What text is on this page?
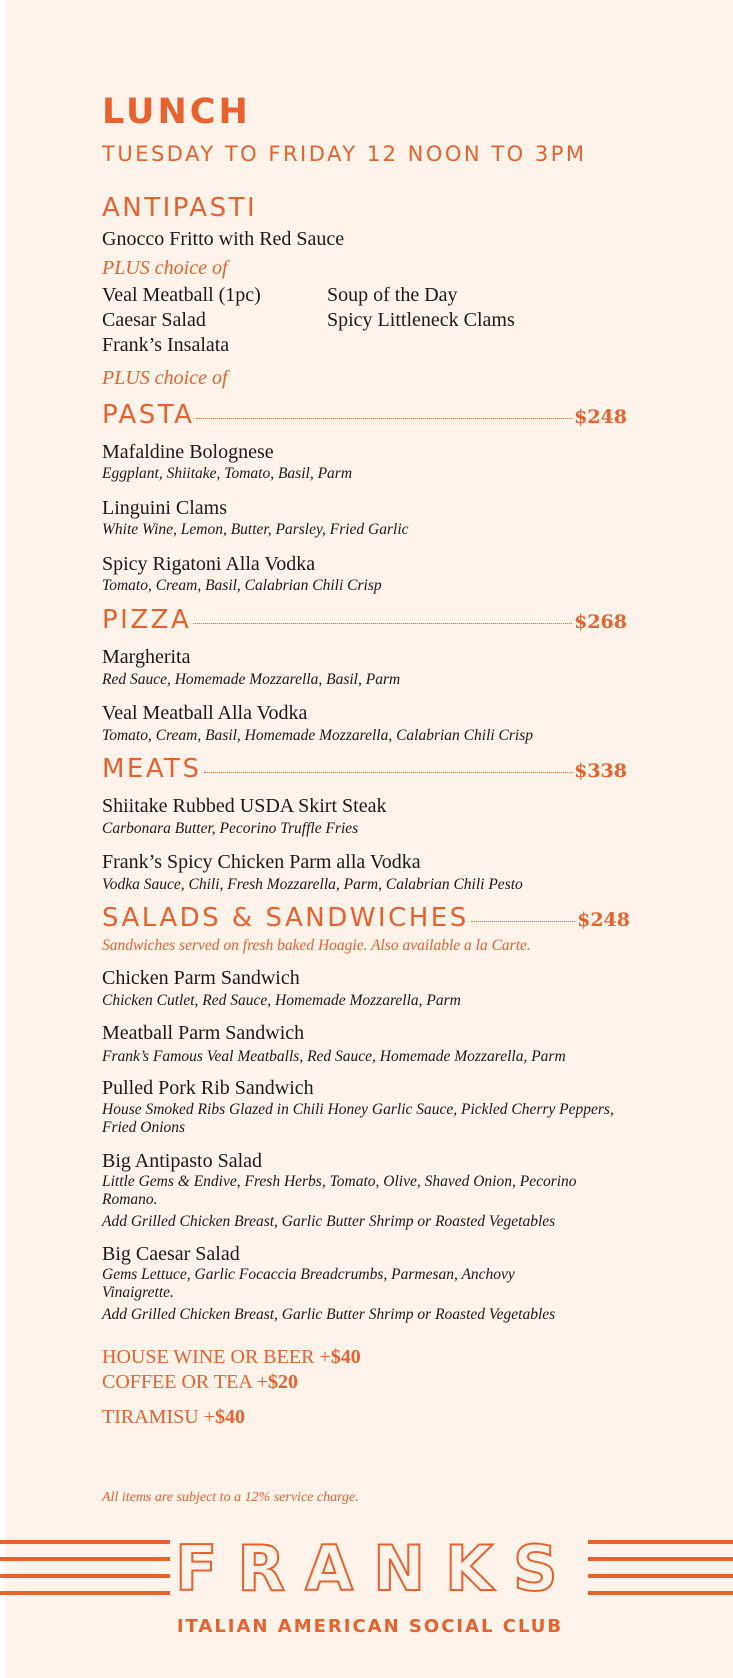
LUNCH
TUESDAY TO FRIDAY 12 NOON TO 3PM
ANTIPASTI
Gnocco Fritto with Red Sauce
PLUS choice of
Veal Meatball (1pc)
Caesar Salad
Frank’s Insalata
Soup of the Day
Spicy Littleneck Clams
PLUS choice of
PASTA	$248
Mafaldine Bolognese
Eggplant, Shiitake, Tomato, Basil, Parm
Linguini Clams
White Wine, Lemon, Butter, Parsley, Fried Garlic
Spicy Rigatoni Alla Vodka
Tomato, Cream, Basil, Calabrian Chili Crisp
PIZZA	$268
Margherita
Red Sauce, Homemade Mozzarella, Basil, Parm
Veal Meatball Alla Vodka
Tomato, Cream, Basil, Homemade Mozzarella, Calabrian Chili Crisp
MEATS	$338
Shiitake Rubbed USDA Skirt Steak
Carbonara Butter, Pecorino Truffle Fries
Frank’s Spicy Chicken Parm alla Vodka
Vodka Sauce, Chili, Fresh Mozzarella, Parm, Calabrian Chili Pesto
SALADS & SANDWICHES	$248
Sandwiches served on fresh baked Hoagie. Also available a la Carte.
Chicken Parm Sandwich
Chicken Cutlet, Red Sauce, Homemade Mozzarella, Parm
Meatball Parm Sandwich
Frank’s Famous Veal Meatballs, Red Sauce, Homemade Mozzarella, Parm
Pulled Pork Rib Sandwich
House Smoked Ribs Glazed in Chili Honey Garlic Sauce, Pickled Cherry Peppers, Fried Onions
Big Antipasto Salad
Little Gems & Endive, Fresh Herbs, Tomato, Olive, Shaved Onion, Pecorino Romano.
Add Grilled Chicken Breast, Garlic Butter Shrimp or Roasted Vegetables
Big Caesar Salad
Gems Lettuce, Garlic Focaccia Breadcrumbs, Parmesan, Anchovy Vinaigrette.
Add Grilled Chicken Breast, Garlic Butter Shrimp or Roasted Vegetables
HOUSE WINE OR BEER +$40
COFFEE OR TEA +$20
TIRAMISU +$40
All items are subject to a 12% service charge.
FRANKS
ITALIAN AMERICAN SOCIAL CLUB
